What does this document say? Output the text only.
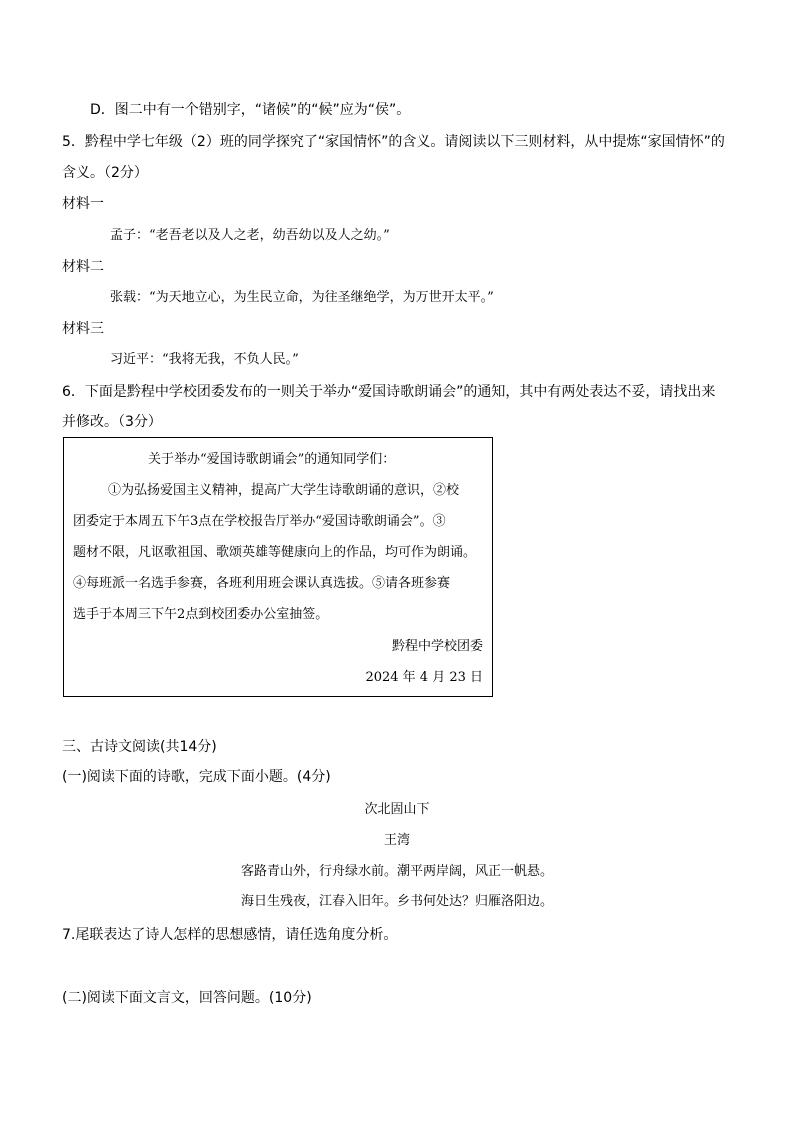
D．图二中有一个错别字，“诸候”的“候”应为“侯”。
5．黔程中学七年级（2）班的同学探究了“家国情怀”的含义。请阅读以下三则材料，从中提炼“家国情怀”的
含义。（2分）
材料一
孟子：“老吾老以及人之老，幼吾幼以及人之幼。”
材料二
张载：“为天地立心，为生民立命，为往圣继绝学，为万世开太平。”
材料三
习近平：“我将无我，不负人民。”
6．下面是黔程中学校团委发布的一则关于举办“爱国诗歌朗诵会”的通知，其中有两处表达不妥，请找出来
并修改。（3分）
关于举办“爱国诗歌朗诵会”的通知同学们：
①为弘扬爱国主义精神，提高广大学生诗歌朗诵的意识，②校
团委定于本周五下午3点在学校报告厅举办“爱国诗歌朗诵会”。③
题材不限，凡讴歌祖国、歌颂英雄等健康向上的作品，均可作为朗诵。
④每班派一名选手参赛，各班利用班会课认真选拔。⑤请各班参赛
选手于本周三下午2点到校团委办公室抽签。
黔程中学校团委
2024 年 4 月 23 日
三、古诗文阅读(共14分)
(一)阅读下面的诗歌，完成下面小题。(4分)
次北固山下
王湾
客路青山外，行舟绿水前。潮平两岸阔，风正一帆悬。
海日生残夜，江春入旧年。乡书何处达？归雁洛阳边。
7.尾联表达了诗人怎样的思想感情，请任选角度分析。
(二)阅读下面文言文，回答问题。(10分)
